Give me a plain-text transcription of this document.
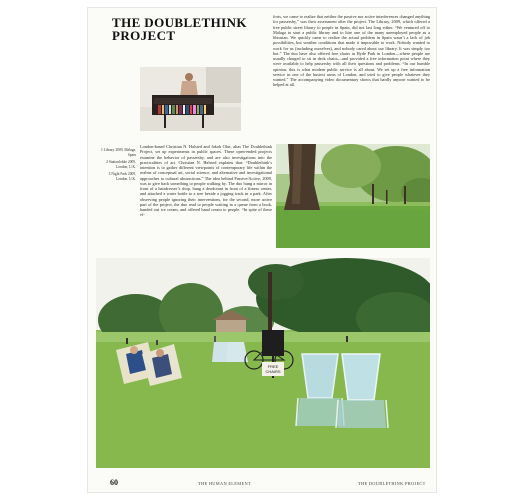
THE DOUBLETHINK PROJECT

forts, we came to realize that neither the passive nor active interferences changed anything for passersby,” was their assessment after the project. The Library, 2009, which offered a free public street library to people in Spain, did not last long either. “We ventured off to Malaga to start a public library and to hire one of the many unemployed people as a librarian. We quickly came to realize the actual problem in Spain wasn’t a lack of job possibilities, but weather conditions that made it impossible to work. Nobody wanted to work for us (including ourselves), and nobody cared about our library. It was simply too hot.” The duo have also offered free chairs in Hyde Park in London—where people are usually charged to sit in deck chairs—and provided a free information point where they were available to help passersby with all their questions and problems. “In our humble opinion, this is what modern public service is all about. We set up a free information service in one of the busiest areas of London, and tried to give people whatever they wanted.” The accompanying video documentary shows that hardly anyone wanted to be helped at all.

1 Library 2009, Malaga, Spain
2 Stationlokke 2009, London, U.K.
3 Night Park 2009, London, U.K.

London-based Christian N. Halsted and Jakob Ohrt, alias The Doublethink Project, set up experiments in public spaces. These open-ended projects examine the behavior of passersby, and are also investigations into the practicalities of art. Christian N. Halsted explains that: “Doublethink’s intention is to gather different viewpoints of contemporary life within the realms of conceptual art, social science, and alternative and investigational approaches to cultural abstractions.” The idea behind Passive/Active, 2009, was to give back something to people walking by. The duo hung a mirror in front of a hairdresser’s shop, hung a deodorant in front of a fitness center, and attached a water bottle to a tree beside a jogging track in a park. After observing people ignoring their interventions, for the second, more active part of the project, the duo read to people waiting in a queue from a book, handed out ice cream, and offered hand cream to people. “In spite of these ef-

FREE
CHAIRS
60	THE HUMAN ELEMENT	THE DOUBLETHINK PROJECT
